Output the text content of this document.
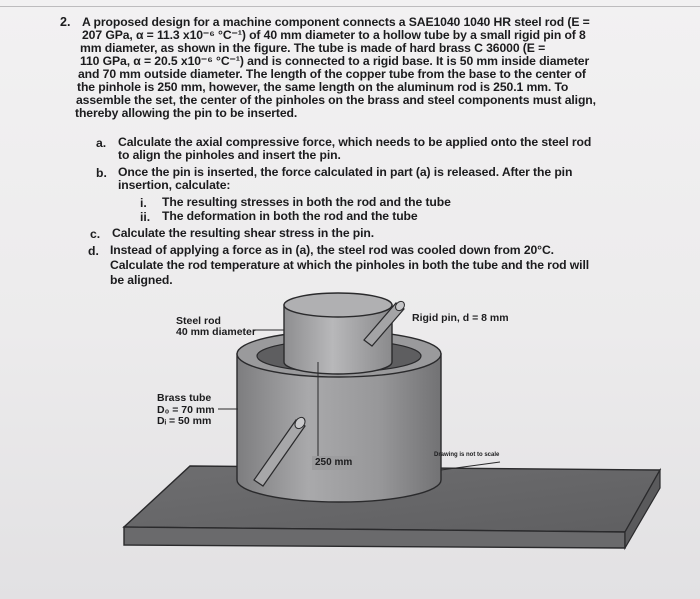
2. A proposed design for a machine component connects a SAE1040 1040 HR steel rod (E =
207 GPa, α = 11.3 x10⁻⁶ °C⁻¹) of 40 mm diameter to a hollow tube by a small rigid pin of 8
mm diameter, as shown in the figure. The tube is made of hard brass C 36000 (E =
110 GPa, α = 20.5 x10⁻⁶ °C⁻¹) and is connected to a rigid base. It is 50 mm inside diameter
and 70 mm outside diameter. The length of the copper tube from the base to the center of
the pinhole is 250 mm, however, the same length on the aluminum rod is 250.1 mm. To
assemble the set, the center of the pinholes on the brass and steel components must align,
thereby allowing the pin to be inserted.
a. Calculate the axial compressive force, which needs to be applied onto the steel rod
to align the pinholes and insert the pin.
b. Once the pin is inserted, the force calculated in part (a) is released. After the pin
insertion, calculate:
i. The resulting stresses in both the rod and the tube
ii. The deformation in both the rod and the tube
c. Calculate the resulting shear stress in the pin.
d. Instead of applying a force as in (a), the steel rod was cooled down from 20°C.
Calculate the rod temperature at which the pinholes in both the tube and the rod will
be aligned.
Steel rod
40 mm diameter
Rigid pin, d = 8 mm
Brass tube
D₀ = 70 mm
Dᵢ = 50 mm
250 mm
Drawing is not to scale
